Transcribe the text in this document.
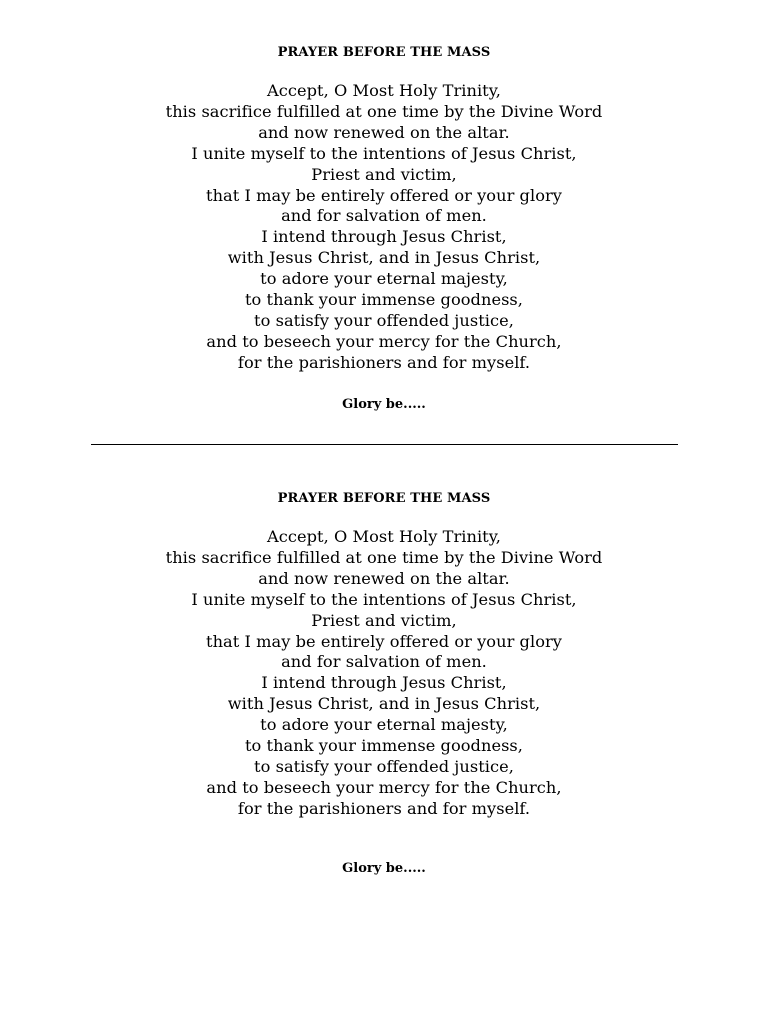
PRAYER BEFORE THE MASS
Accept, O Most Holy Trinity,
this sacrifice fulfilled at one time by the Divine Word
and now renewed on the altar.
I unite myself to the intentions of Jesus Christ,
Priest and victim,
that I may be entirely offered or your glory
and for salvation of men.
I intend through Jesus Christ,
with Jesus Christ, and in Jesus Christ,
to adore your eternal majesty,
to thank your immense goodness,
to satisfy your offended justice,
and to beseech your mercy for the Church,
for the parishioners and for myself.
Glory be.....
PRAYER BEFORE THE MASS
Accept, O Most Holy Trinity,
this sacrifice fulfilled at one time by the Divine Word
and now renewed on the altar.
I unite myself to the intentions of Jesus Christ,
Priest and victim,
that I may be entirely offered or your glory
and for salvation of men.
I intend through Jesus Christ,
with Jesus Christ, and in Jesus Christ,
to adore your eternal majesty,
to thank your immense goodness,
to satisfy your offended justice,
and to beseech your mercy for the Church,
for the parishioners and for myself.
Glory be.....
